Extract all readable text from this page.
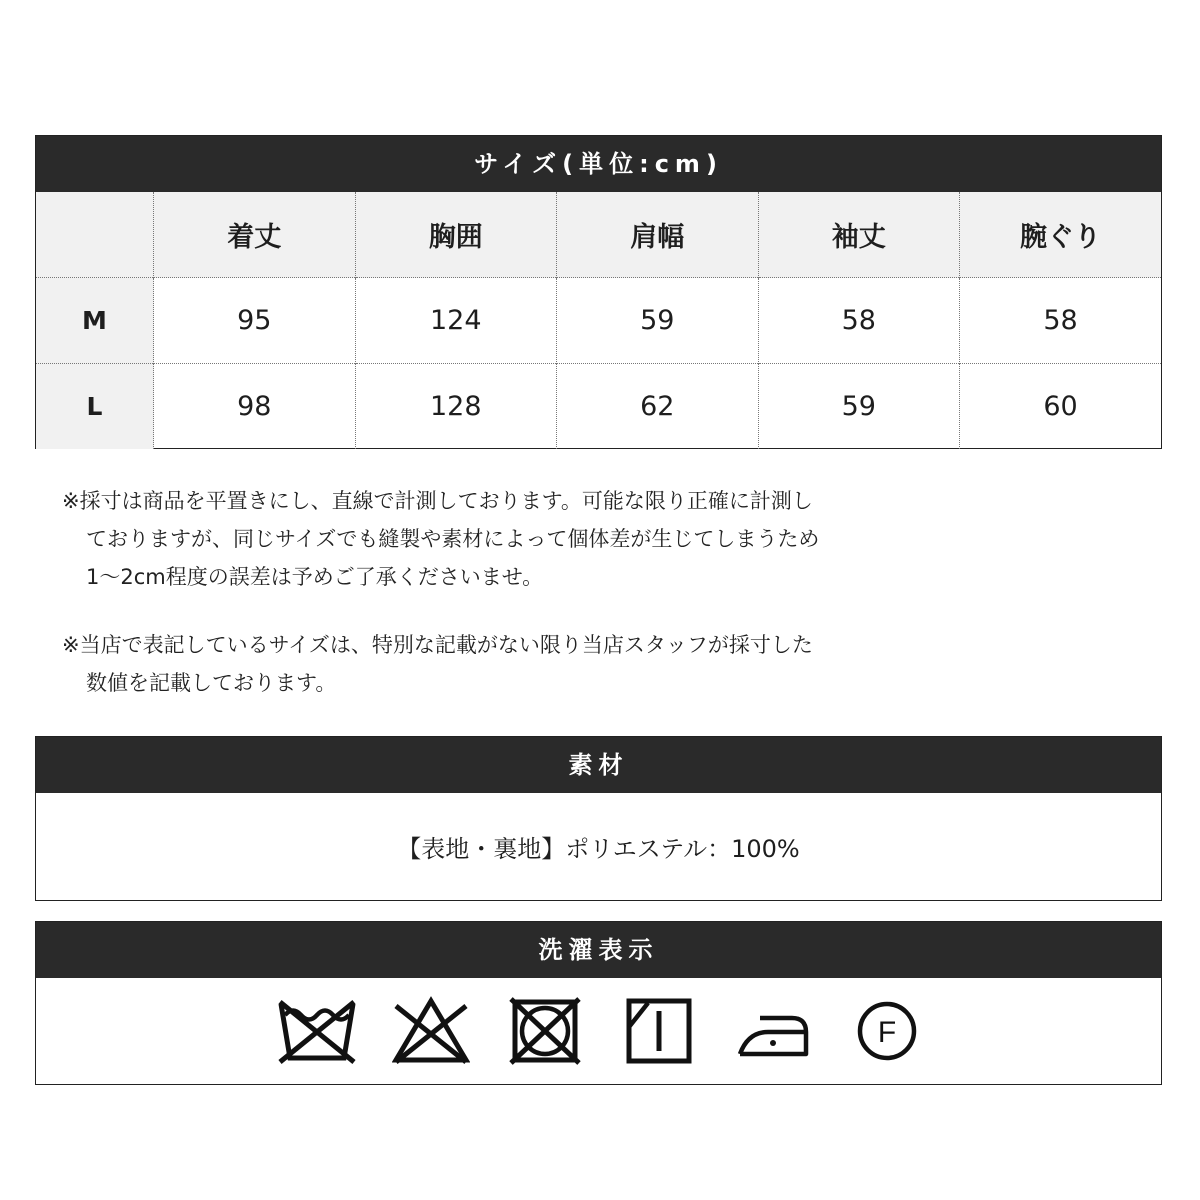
サイズ(単位:cm)
	着丈	胸囲	肩幅	袖丈	腕ぐり
M	95	124	59	58	58
L	98	128	62	59	60
※採寸は商品を平置きにし、直線で計測しております。可能な限り正確に計測し
ておりますが、同じサイズでも縫製や素材によって個体差が生じてしまうため
1〜2cm程度の誤差は予めご了承くださいませ。
※当店で表記しているサイズは、特別な記載がない限り当店スタッフが採寸した
数値を記載しております。
素材
【表地・裏地】ポリエステル：100%
洗濯表示
F
